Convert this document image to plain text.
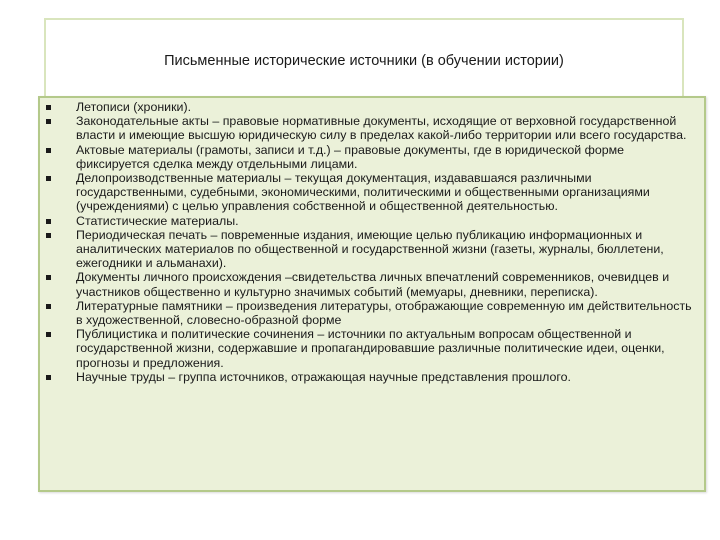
Письменные исторические источники (в обучении истории)
Летописи (хроники).
Законодательные акты – правовые нормативные документы, исходящие от верховной государственной власти и имеющие высшую юридическую силу в пределах какой-либо территории или всего государства.
Актовые материалы (грамоты, записи и т.д.) – правовые документы, где в юридической форме фиксируется сделка между отдельными лицами.
Делопроизводственные материалы – текущая документация, издававшаяся различными государственными, судебными, экономическими, политическими и общественными организациями (учреждениями) с целью управления собственной и общественной деятельностью.
Статистические материалы.
Периодическая печать – повременные издания, имеющие целью публикацию информационных и аналитических материалов по общественной и государственной жизни (газеты, журналы, бюллетени, ежегодники и альманахи).
Документы личного происхождения –свидетельства личных впечатлений современников, очевидцев и участников общественно и культурно значимых событий (мемуары, дневники, переписка).
Литературные памятники – произведения литературы, отображающие современную им действительность в художественной, словесно-образной форме
Публицистика и политические сочинения – источники по актуальным вопросам общественной и государственной жизни, содержавшие и пропагандировавшие различные политические идеи, оценки, прогнозы и предложения.
Научные труды – группа источников, отражающая научные представления прошлого.
